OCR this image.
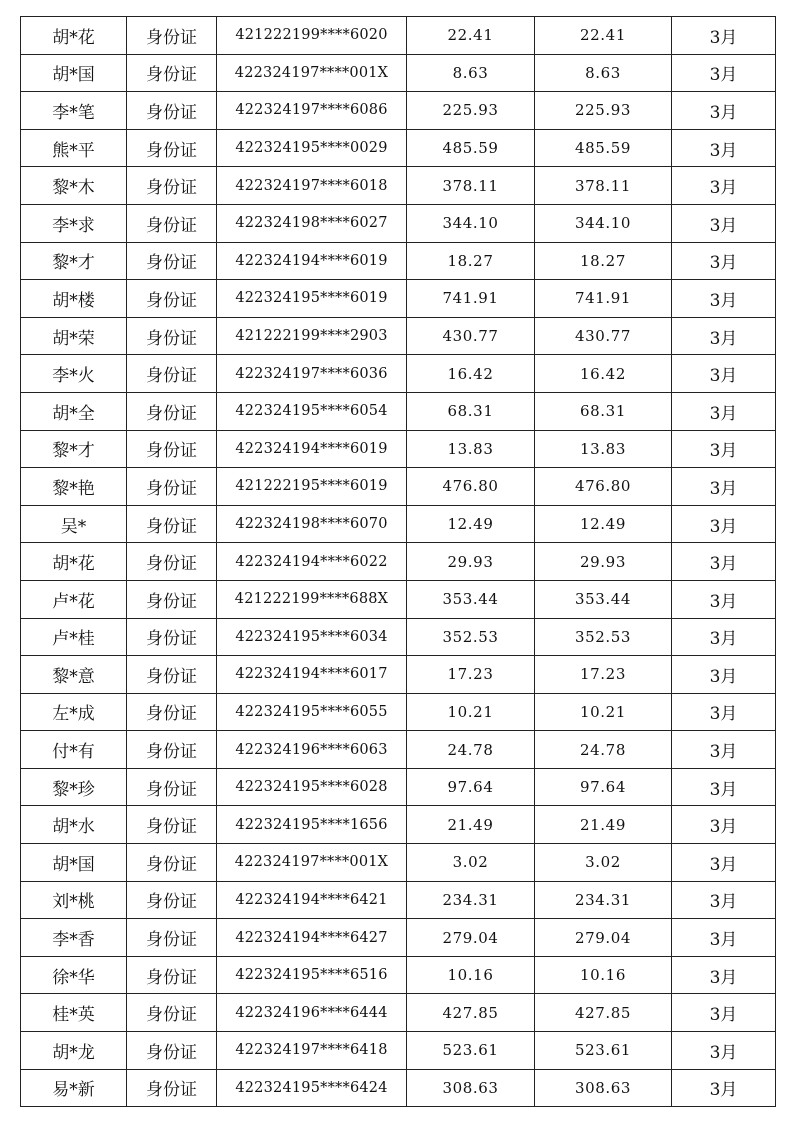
胡*花	身份证	421222199****6020	22.41	22.41	3月
胡*国	身份证	422324197****001X	8.63	8.63	3月
李*笔	身份证	422324197****6086	225.93	225.93	3月
熊*平	身份证	422324195****0029	485.59	485.59	3月
黎*木	身份证	422324197****6018	378.11	378.11	3月
李*求	身份证	422324198****6027	344.10	344.10	3月
黎*才	身份证	422324194****6019	18.27	18.27	3月
胡*楼	身份证	422324195****6019	741.91	741.91	3月
胡*荣	身份证	421222199****2903	430.77	430.77	3月
李*火	身份证	422324197****6036	16.42	16.42	3月
胡*全	身份证	422324195****6054	68.31	68.31	3月
黎*才	身份证	422324194****6019	13.83	13.83	3月
黎*艳	身份证	421222195****6019	476.80	476.80	3月
吴*	身份证	422324198****6070	12.49	12.49	3月
胡*花	身份证	422324194****6022	29.93	29.93	3月
卢*花	身份证	421222199****688X	353.44	353.44	3月
卢*桂	身份证	422324195****6034	352.53	352.53	3月
黎*意	身份证	422324194****6017	17.23	17.23	3月
左*成	身份证	422324195****6055	10.21	10.21	3月
付*有	身份证	422324196****6063	24.78	24.78	3月
黎*珍	身份证	422324195****6028	97.64	97.64	3月
胡*水	身份证	422324195****1656	21.49	21.49	3月
胡*国	身份证	422324197****001X	3.02	3.02	3月
刘*桃	身份证	422324194****6421	234.31	234.31	3月
李*香	身份证	422324194****6427	279.04	279.04	3月
徐*华	身份证	422324195****6516	10.16	10.16	3月
桂*英	身份证	422324196****6444	427.85	427.85	3月
胡*龙	身份证	422324197****6418	523.61	523.61	3月
易*新	身份证	422324195****6424	308.63	308.63	3月
